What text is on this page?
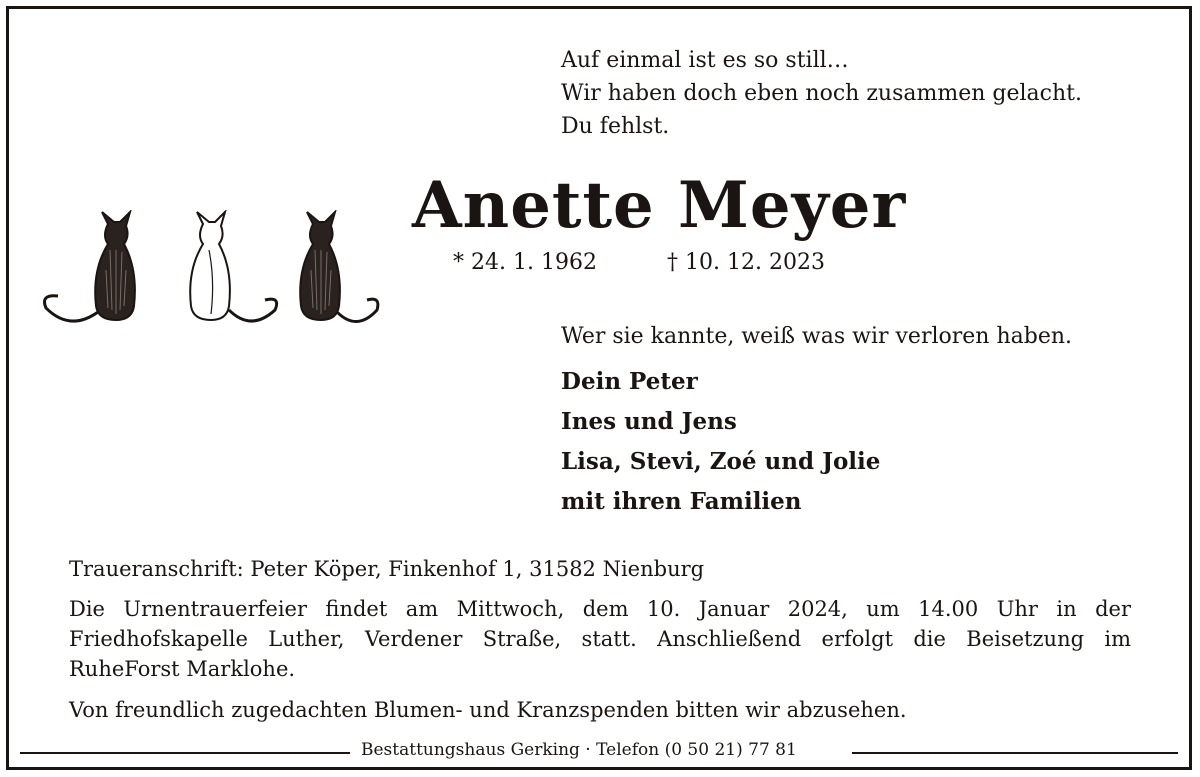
Auf einmal ist es so still…
Wir haben doch eben noch zusammen gelacht.
Du fehlst.
Anette Meyer
* 24. 1. 1962	† 10. 12. 2023
Wer sie kannte, weiß was wir verloren haben.
Dein Peter
Ines und Jens
Lisa, Stevi, Zoé und Jolie
mit ihren Familien
Traueranschrift: Peter Köper, Finkenhof 1, 31582 Nienburg
Die Urnentrauerfeier findet am Mittwoch, dem 10. Januar 2024, um 14.00 Uhr in der
Friedhofskapelle Luther, Verdener Straße, statt. Anschließend erfolgt die Beisetzung im
RuheForst Marklohe.
Von freundlich zugedachten Blumen- und Kranzspenden bitten wir abzusehen.
Bestattungshaus Gerking · Telefon (0 50 21) 77 81
